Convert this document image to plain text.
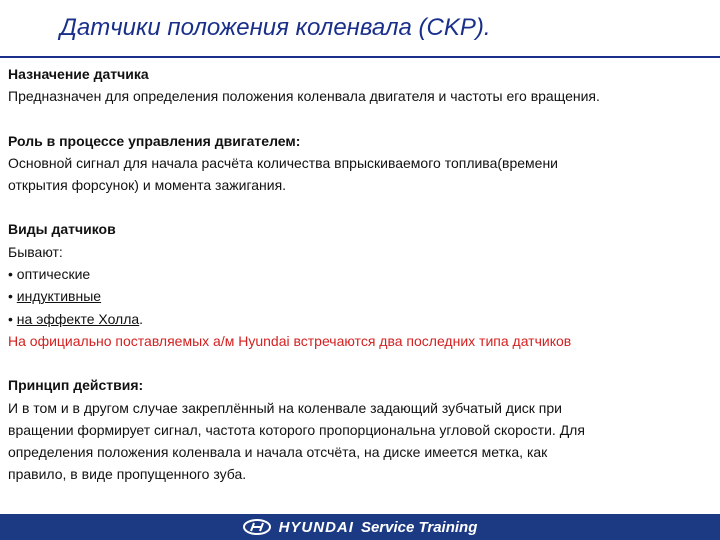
Датчики положения коленвала (CKP).

Назначение датчика

Предназначен для определения положения коленвала двигателя и частоты его вращения.

Роль в процессе управления двигателем:

Основной сигнал для начала расчёта количества впрыскиваемого топлива(времени

открытия форсунок) и момента зажигания.

Виды датчиков

Бывают:

• оптические

• индуктивные

• на эффекте Холла.

На официально поставляемых а/м Hyundai встречаются два последних типа датчиков

Принцип действия:

И в том и в другом случае закреплённый на коленвале задающий зубчатый диск при

вращении формирует сигнал, частота которого пропорциональна угловой скорости. Для

определения положения коленвала и начала отсчёта, на диске имеется метка, как

правило, в виде пропущенного зуба.

HYUNDAI Service Training
